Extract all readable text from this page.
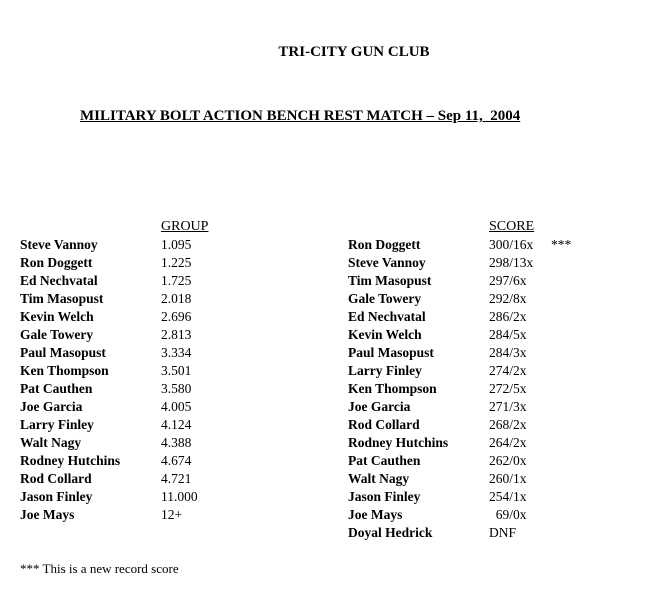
TRI-CITY GUN CLUB
MILITARY BOLT ACTION BENCH REST MATCH – Sep 11,  2004
GROUP	SCORE
Steve Vannoy	1.095
Ron Doggett	1.225
Ed Nechvatal	1.725
Tim Masopust	2.018
Kevin Welch	2.696
Gale Towery	2.813
Paul Masopust	3.334
Ken Thompson	3.501
Pat Cauthen	3.580
Joe Garcia	4.005
Larry Finley	4.124
Walt Nagy	4.388
Rodney Hutchins	4.674
Rod Collard	4.721
Jason Finley	11.000
Joe Mays	12+
Ron Doggett	300/16x ***
Steve Vannoy	298/13x
Tim Masopust	297/6x
Gale Towery	292/8x
Ed Nechvatal	286/2x
Kevin Welch	284/5x
Paul Masopust	284/3x
Larry Finley	274/2x
Ken Thompson	272/5x
Joe Garcia	271/3x
Rod Collard	268/2x
Rodney Hutchins	264/2x
Pat Cauthen	262/0x
Walt Nagy	260/1x
Jason Finley	254/1x
Joe Mays	69/0x
Doyal Hedrick	DNF
*** This is a new record score
